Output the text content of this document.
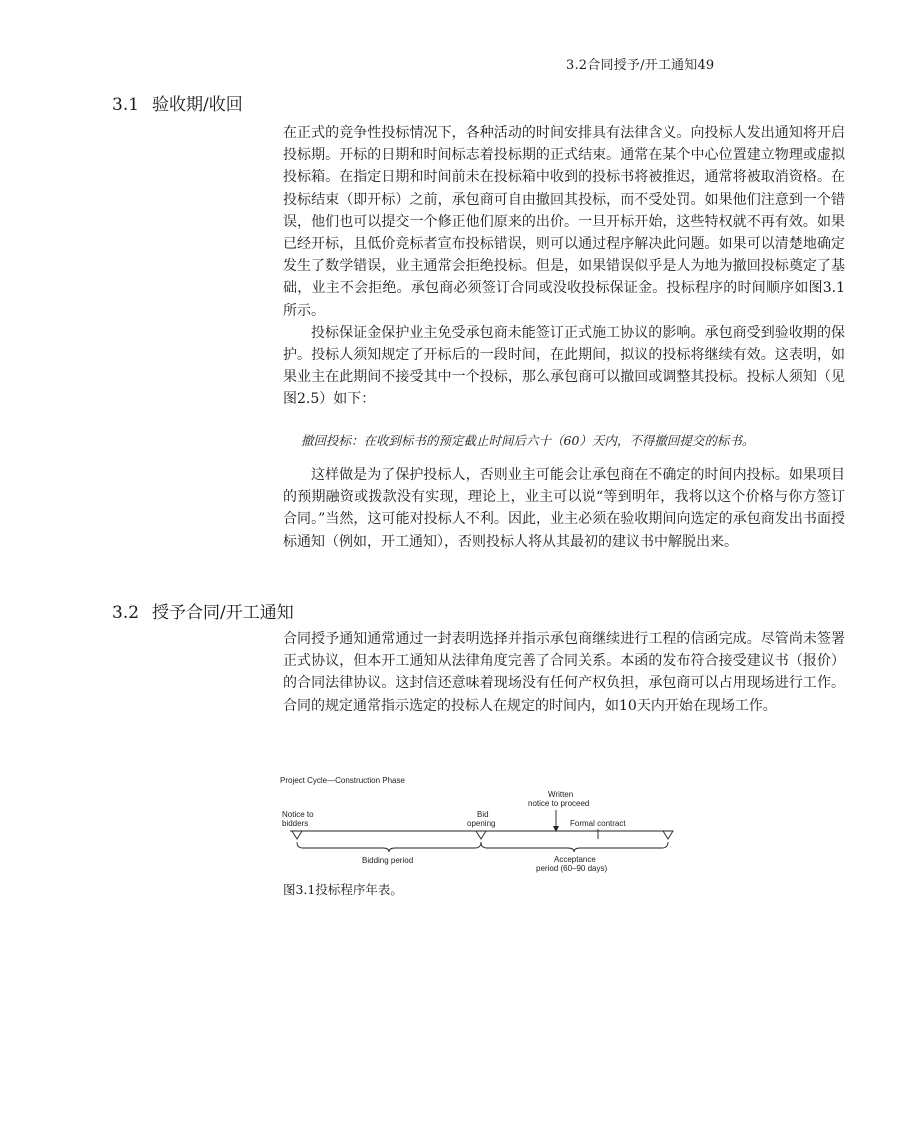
3.2合同授予/开工通知49
3.1 验收期/收回

在正式的竞争性投标情况下，各种活动的时间安排具有法律含义。向投标人发出通知将开启投标期。开标的日期和时间标志着投标期的正式结束。通常在某个中心位置建立物理或虚拟投标箱。在指定日期和时间前未在投标箱中收到的投标书将被推迟，通常将被取消资格。在投标结束（即开标）之前，承包商可自由撤回其投标，而不受处罚。如果他们注意到一个错误，他们也可以提交一个修正他们原来的出价。一旦开标开始，这些特权就不再有效。如果已经开标，且低价竞标者宣布投标错误，则可以通过程序解决此问题。如果可以清楚地确定发生了数学错误，业主通常会拒绝投标。但是，如果错误似乎是人为地为撤回投标奠定了基础，业主不会拒绝。承包商必须签订合同或没收投标保证金。投标程序的时间顺序如图3.1所示。

投标保证金保护业主免受承包商未能签订正式施工协议的影响。承包商受到验收期的保护。投标人须知规定了开标后的一段时间，在此期间，拟议的投标将继续有效。这表明，如果业主在此期间不接受其中一个投标，那么承包商可以撤回或调整其投标。投标人须知（见图2.5）如下：

撤回投标：在收到标书的预定截止时间后六十（60）天内，不得撤回提交的标书。

这样做是为了保护投标人，否则业主可能会让承包商在不确定的时间内投标。如果项目的预期融资或拨款没有实现，理论上，业主可以说“等到明年，我将以这个价格与你方签订合同。”当然，这可能对投标人不利。因此，业主必须在验收期间向选定的承包商发出书面授标通知（例如，开工通知），否则投标人将从其最初的建议书中解脱出来。

3.2 授予合同/开工通知

合同授予通知通常通过一封表明选择并指示承包商继续进行工程的信函完成。尽管尚未签署正式协议，但本开工通知从法律角度完善了合同关系。本函的发布符合接受建议书（报价）的合同法律协议。这封信还意味着现场没有任何产权负担，承包商可以占用现场进行工作。合同的规定通常指示选定的投标人在规定的时间内，如10天内开始在现场工作。

Project Cycle—Construction Phase
Notice to
bidders
Bid
opening
Written
notice to proceed
Formal contract
Bidding period	Acceptance
period (60–90 days)
图3.1投标程序年表。
